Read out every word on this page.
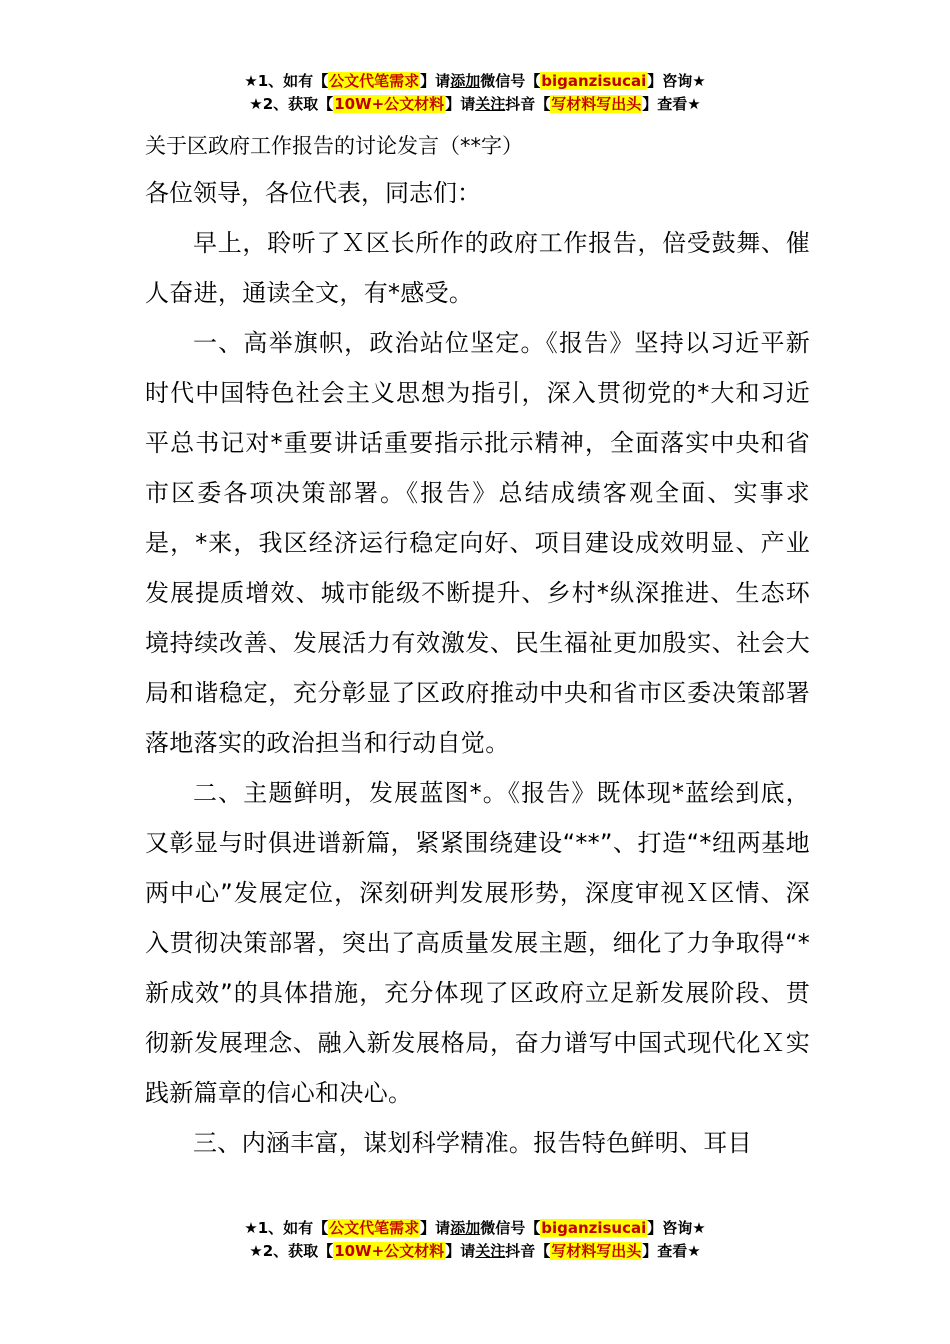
★1、如有【公文代笔需求】请添加微信号【biganzisucai】咨询★
★2、获取【10W+公文材料】请关注抖音【写材料写出头】查看★

关于区政府工作报告的讨论发言（**字）

各位领导，各位代表，同志们：

早上，聆听了Ｘ区长所作的政府工作报告，倍受鼓舞、催人奋进，通读全文，有*感受。

一、高举旗帜，政治站位坚定。《报告》坚持以习近平新时代中国特色社会主义思想为指引，深入贯彻党的*大和习近平总书记对*重要讲话重要指示批示精神，全面落实中央和省市区委各项决策部署。《报告》总结成绩客观全面、实事求是，*来，我区经济运行稳定向好、项目建设成效明显、产业发展提质增效、城市能级不断提升、乡村*纵深推进、生态环境持续改善、发展活力有效激发、民生福祉更加殷实、社会大局和谐稳定，充分彰显了区政府推动中央和省市区委决策部署落地落实的政治担当和行动自觉。

二、主题鲜明，发展蓝图*。《报告》既体现*蓝绘到底，又彰显与时俱进谱新篇，紧紧围绕建设“**”、打造“*纽两基地两中心”发展定位，深刻研判发展形势，深度审视Ｘ区情、深入贯彻决策部署，突出了高质量发展主题，细化了力争取得“*新成效”的具体措施，充分体现了区政府立足新发展阶段、贯彻新发展理念、融入新发展格局，奋力谱写中国式现代化Ｘ实践新篇章的信心和决心。

三、内涵丰富，谋划科学精准。报告特色鲜明、耳目

★1、如有【公文代笔需求】请添加微信号【biganzisucai】咨询★
★2、获取【10W+公文材料】请关注抖音【写材料写出头】查看★
